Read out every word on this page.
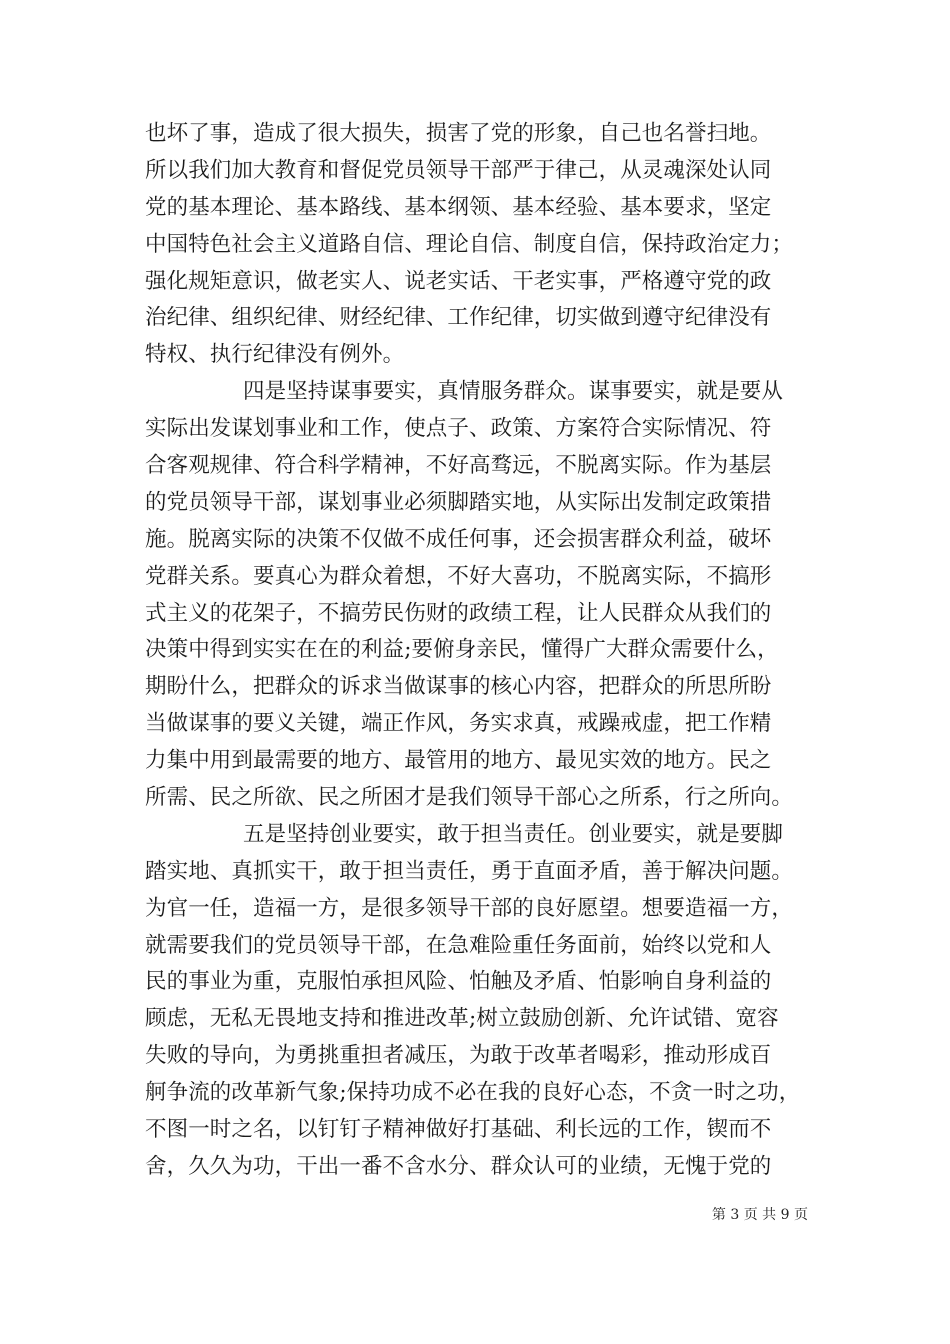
也坏了事，造成了很大损失，损害了党的形象，自己也名誉扫地。
所以我们加大教育和督促党员领导干部严于律己，从灵魂深处认同
党的基本理论、基本路线、基本纲领、基本经验、基本要求，坚定
中国特色社会主义道路自信、理论自信、制度自信，保持政治定力；
强化规矩意识，做老实人、说老实话、干老实事，严格遵守党的政
治纪律、组织纪律、财经纪律、工作纪律，切实做到遵守纪律没有
特权、执行纪律没有例外。
四是坚持谋事要实，真情服务群众。谋事要实，就是要从
实际出发谋划事业和工作，使点子、政策、方案符合实际情况、符
合客观规律、符合科学精神，不好高骛远，不脱离实际。作为基层
的党员领导干部，谋划事业必须脚踏实地，从实际出发制定政策措
施。脱离实际的决策不仅做不成任何事，还会损害群众利益，破坏
党群关系。要真心为群众着想，不好大喜功，不脱离实际，不搞形
式主义的花架子，不搞劳民伤财的政绩工程，让人民群众从我们的
决策中得到实实在在的利益;要俯身亲民，懂得广大群众需要什么，
期盼什么，把群众的诉求当做谋事的核心内容，把群众的所思所盼
当做谋事的要义关键，端正作风，务实求真，戒躁戒虚，把工作精
力集中用到最需要的地方、最管用的地方、最见实效的地方。民之
所需、民之所欲、民之所困才是我们领导干部心之所系，行之所向。
五是坚持创业要实，敢于担当责任。创业要实，就是要脚
踏实地、真抓实干，敢于担当责任，勇于直面矛盾，善于解决问题。
为官一任，造福一方，是很多领导干部的良好愿望。想要造福一方，
就需要我们的党员领导干部，在急难险重任务面前，始终以党和人
民的事业为重，克服怕承担风险、怕触及矛盾、怕影响自身利益的
顾虑，无私无畏地支持和推进改革;树立鼓励创新、允许试错、宽容
失败的导向，为勇挑重担者减压，为敢于改革者喝彩，推动形成百
舸争流的改革新气象;保持功成不必在我的良好心态，不贪一时之功，
不图一时之名，以钉钉子精神做好打基础、利长远的工作，锲而不
舍，久久为功，干出一番不含水分、群众认可的业绩，无愧于党的
第 3 页 共 9 页
